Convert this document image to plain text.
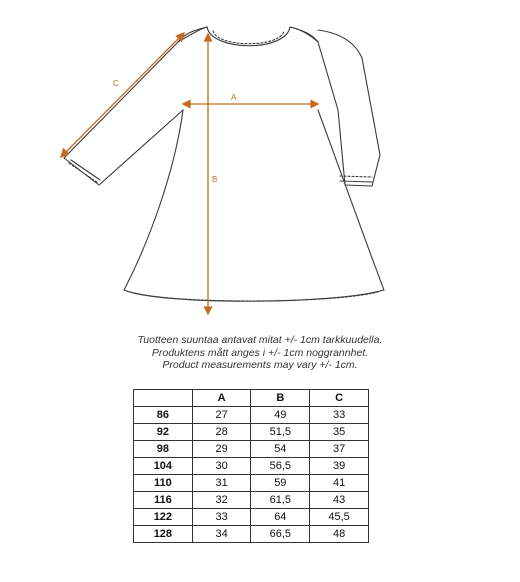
A
B
C
Tuotteen suuntaa antavat mitat +/- 1cm tarkkuudella.
Produktens mått anges i +/- 1cm noggrannhet.
Product measurements may vary +/- 1cm.
	A	B	C
86	27	49	33
92	28	51,5	35
98	29	54	37
104	30	56,5	39
110	31	59	41
116	32	61,5	43
122	33	64	45,5
128	34	66,5	48
